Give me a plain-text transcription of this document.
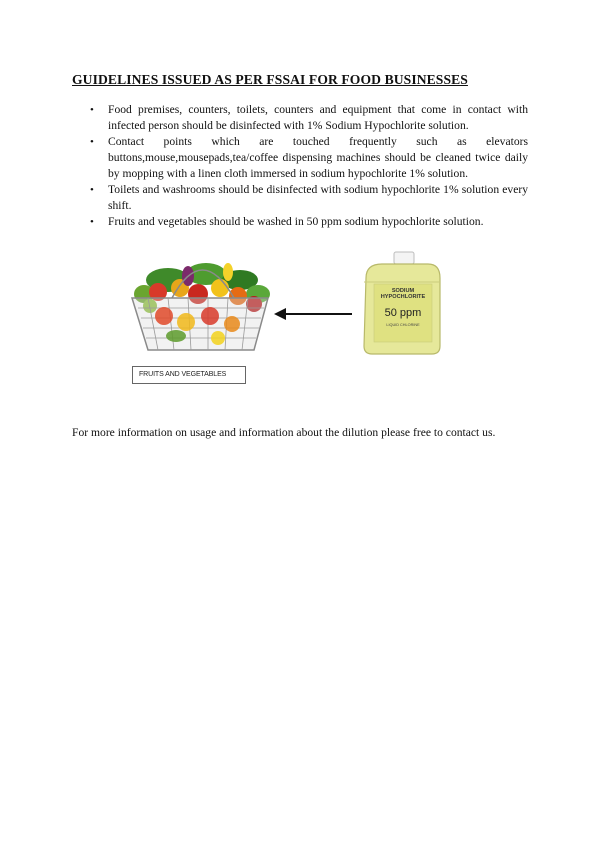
GUIDELINES ISSUED AS PER FSSAI FOR FOOD BUSINESSES
• Food premises, counters, toilets, counters and equipment that come in contact with infected person should be disinfected with 1% Sodium Hypochlorite solution.
• Contact points which are touched frequently such as elevators buttons,mouse,mousepads,tea/coffee dispensing machines should be cleaned twice daily by mopping with a linen cloth immersed in sodium hypochlorite 1% solution.
• Toilets and washrooms should be disinfected with sodium hypochlorite 1% solution every shift.
• Fruits and vegetables should be washed in 50 ppm sodium hypochlorite solution.
SODIUM
HYPOCHLORITE
50 ppm
LIQUID CHLORINE
FRUITS AND VEGETABLES

For more information on usage and information about the dilution please free to contact us.
